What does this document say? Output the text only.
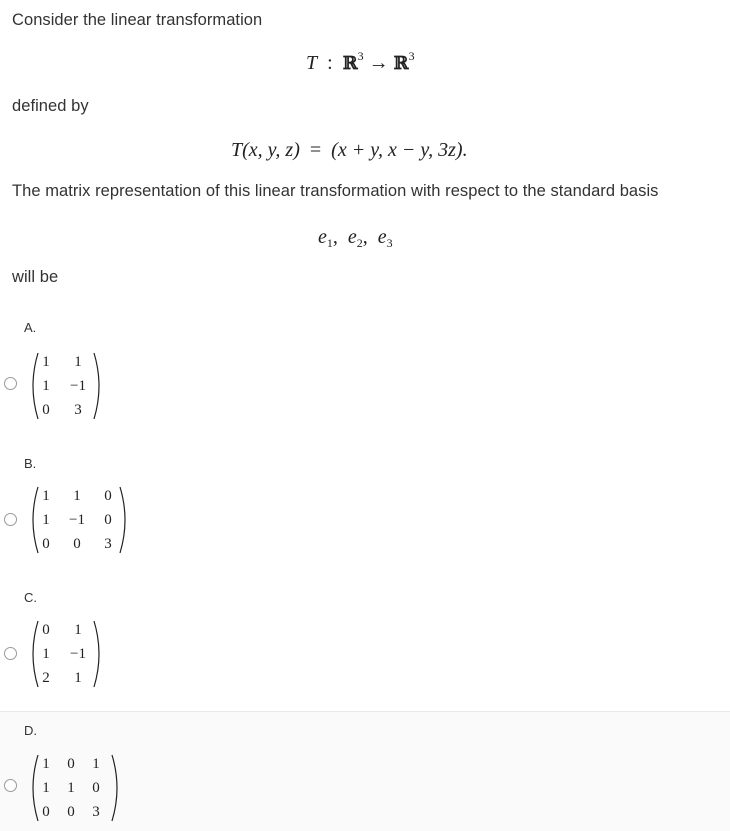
Consider the linear transformation
T  :  ℝ$^3$ → ℝ$^3$
defined by
T(x, y, z) = (x + y, x − y, 3z).
The matrix representation of this linear transformation with respect to the standard basis
$e_1$,  $e_2$,  $e_3$
will be
A.
1	1
1	−1
0	3
B.
1	1	0
1	−1	0
0	0	3
C.
0	1
1	−1
2	1
D.
1	0	1
1	1	0
0	0	3
